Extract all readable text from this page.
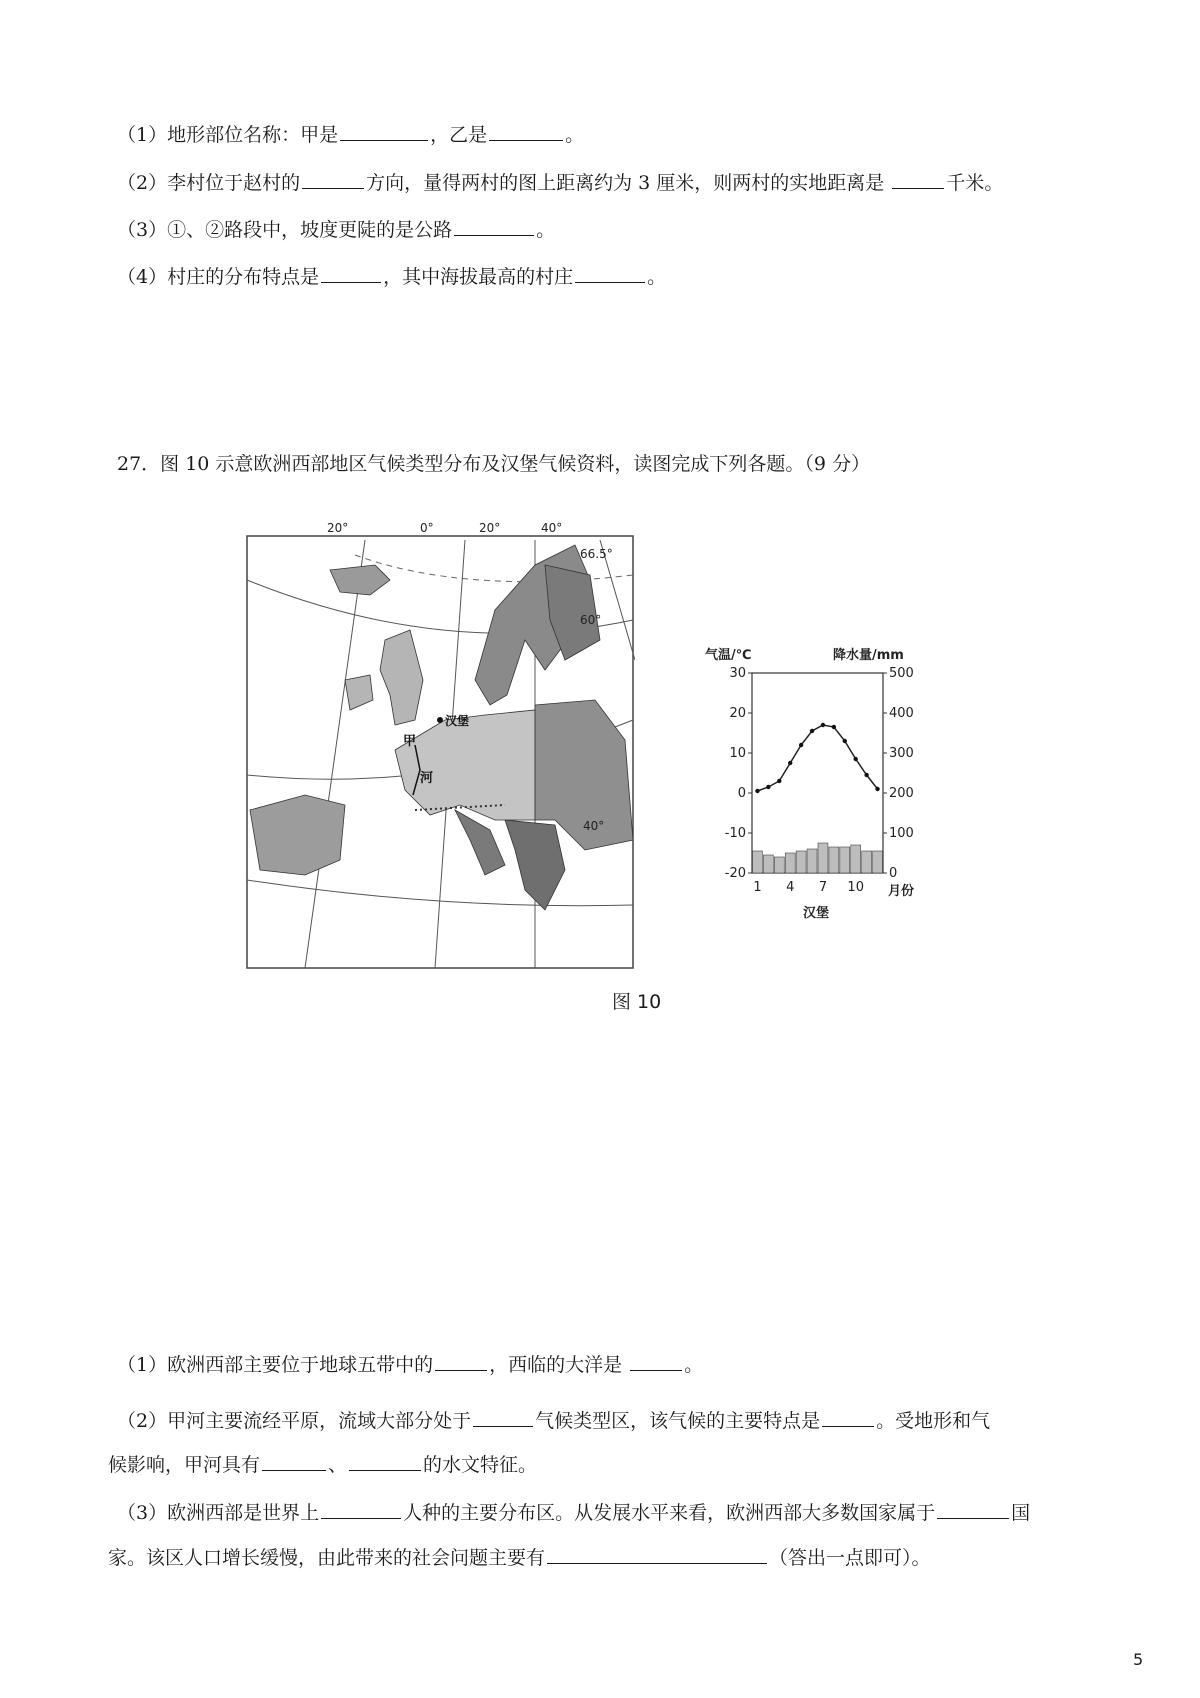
（1）地形部位名称：甲是	，乙是	。
（2）李村位于赵村的	方向，量得两村的图上距离约为 3 厘米，则两村的实地距离是	千米。
（3）①、②路段中，坡度更陡的是公路	。
（4）村庄的分布特点是	，其中海拔最高的村庄	。
27．图 10 示意欧洲西部地区气候类型分布及汉堡气候资料，读图完成下列各题。（9 分）
20°	0°	20°	40°
66.5°
60°
40°
汉堡
甲
河
气温/℃	降水量/mm
30
20
10
0
-10
-20
500
400
300
200
100
0
1 4 7 10 月份
汉堡
图 10
（1）欧洲西部主要位于地球五带中的	，西临的大洋是	。
（2）甲河主要流经平原，流域大部分处于	气候类型区，该气候的主要特点是	。受地形和气
候影响，甲河具有	、	的水文特征。
（3）欧洲西部是世界上	人种的主要分布区。从发展水平来看，欧洲西部大多数国家属于	国
家。该区人口增长缓慢，由此带来的社会问题主要有	（答出一点即可）。
5
